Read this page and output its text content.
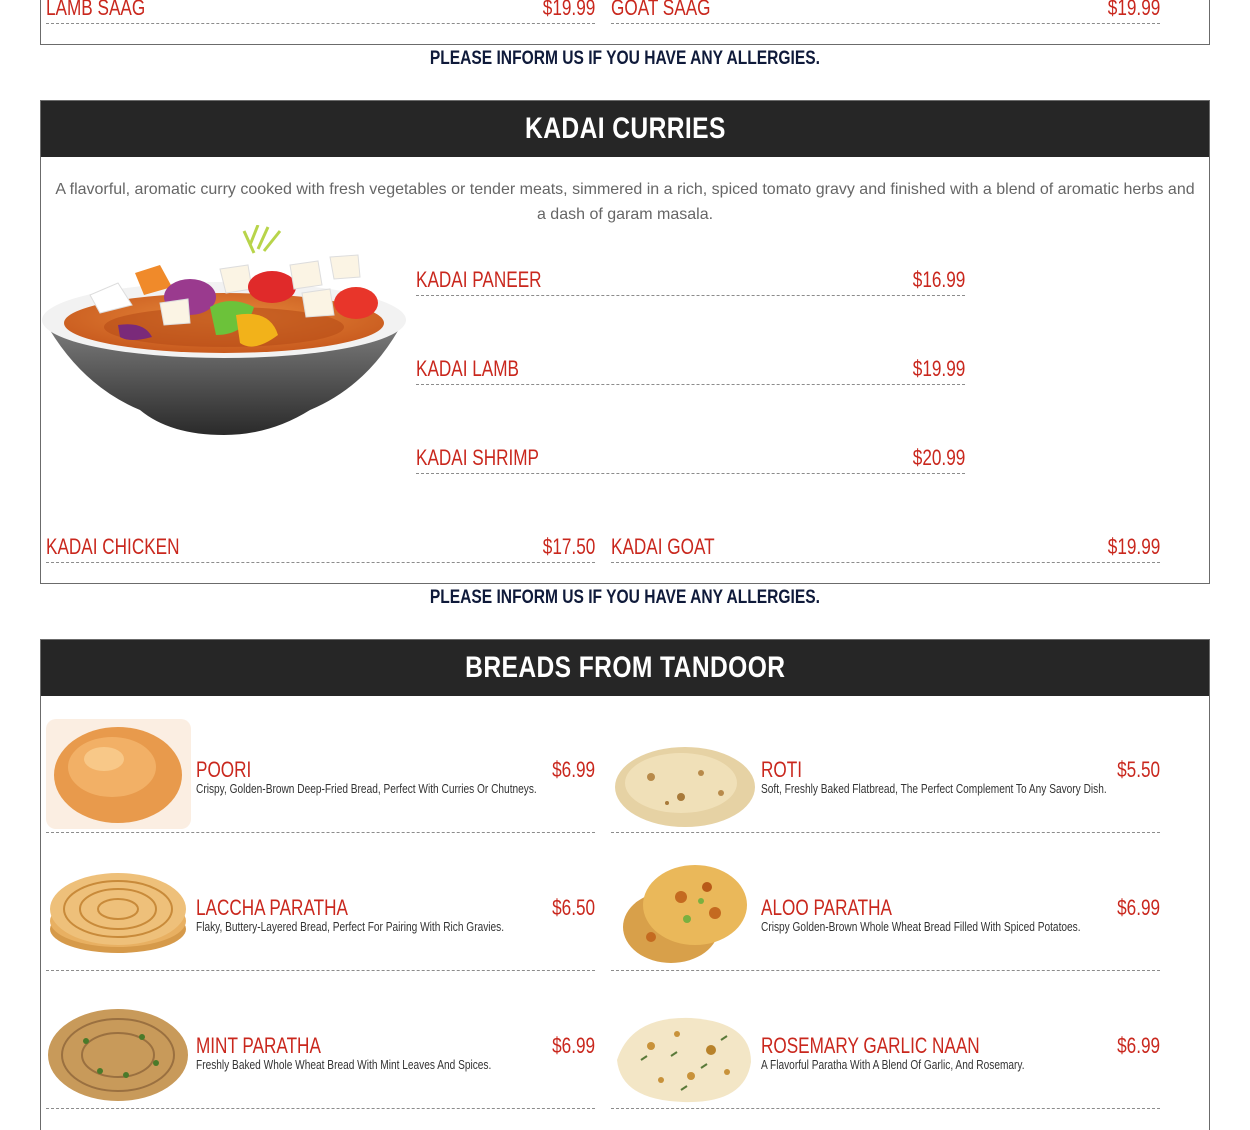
LAMB SAAG	$19.99 GOAT SAAG	$19.99
PLEASE INFORM US IF YOU HAVE ANY ALLERGIES.
KADAI CURRIES
A flavorful, aromatic curry cooked with fresh vegetables or tender meats, simmered in a rich, spiced tomato gravy and finished with a blend of aromatic herbs and a dash of garam masala.
KADAI PANEER	$16.99
KADAI LAMB	$19.99
KADAI SHRIMP	$20.99
KADAI CHICKEN	$17.50 KADAI GOAT	$19.99
PLEASE INFORM US IF YOU HAVE ANY ALLERGIES.
BREADS FROM TANDOOR
POORI	$6.99
Crispy, Golden-Brown Deep-Fried Bread, Perfect With Curries Or Chutneys.
ROTI	$5.50
Soft, Freshly Baked Flatbread, The Perfect Complement To Any Savory Dish.
LACCHA PARATHA	$6.50
Flaky, Buttery-Layered Bread, Perfect For Pairing With Rich Gravies.
ALOO PARATHA	$6.99
Crispy Golden-Brown Whole Wheat Bread Filled With Spiced Potatoes.
MINT PARATHA	$6.99
Freshly Baked Whole Wheat Bread With Mint Leaves And Spices.
ROSEMARY GARLIC NAAN	$6.99
A Flavorful Paratha With A Blend Of Garlic, And Rosemary.
